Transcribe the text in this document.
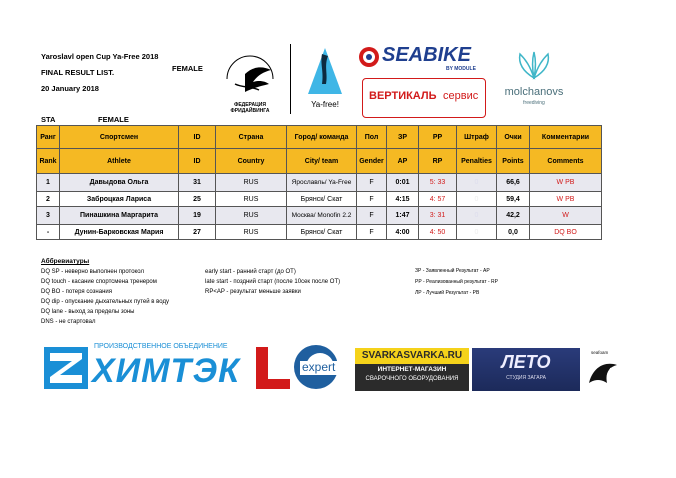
Yaroslavl open Cup Ya-Free 2018
FINAL RESULT LIST.	FEMALE
20 January 2018
STA	FEMALE
ФЕДЕРАЦИЯ ФРИДАЙВИНГА
Ya-free!
SEABIKE
BY MODULE
ВЕРТИКАЛЬ сервис	molchanovs
freediving
Ранг	Спортсмен	ID	Страна	Город/ команда	Пол	ЗР	РР	Штраф	Очки	Комментарии
Rank	Athlete	ID	Country	City/ team	Gender	AP	RP	Penalties	Points	Comments
1	Давыдова Ольга	31	RUS	Ярославль/ Ya-Free	F	0:01	5: 33	0	66,6	W PB
2	Заброцкая Лариса	25	RUS	Брянск/ Скат	F	4:15	4: 57	0	59,4	W PB
3	Пинашкина Маргарита	19	RUS	Москва/ Monofin 2.2	F	1:47	3: 31	0	42,2	W
-	Дунин-Барковская Мария	27	RUS	Брянск/ Скат	F	4:00	4: 50	0	0,0	DQ BO
Аббревиатуры
DQ SP - неверно выполнен протокол
DQ touch - касание спортсмена тренером
DQ BO - потеря сознания
DQ dip - опускание дыхательных путей в воду
DQ lane - выход за пределы зоны
DNS - не стартовал
early start - ранний старт (до ОТ)
late start - поздний старт (после 10сек после ОТ)
RP<AP - результат меньше заявки
ЗР - Заявленный Результат - AP
РР - Реализованный результат - RP
ЛР - Лучший Результат - PB
ПРОИЗВОДСТВЕННОЕ ОБЪЕДИНЕНИЕ
ХИМТЭК	expert
SVARKASVARKA.RU
ИНТЕРНЕТ-МАГАЗИН
СВАРОЧНОГО ОБОРУДОВАНИЯ
ЛЕТО
СТУДИЯ ЗАГАРА
seafoam
